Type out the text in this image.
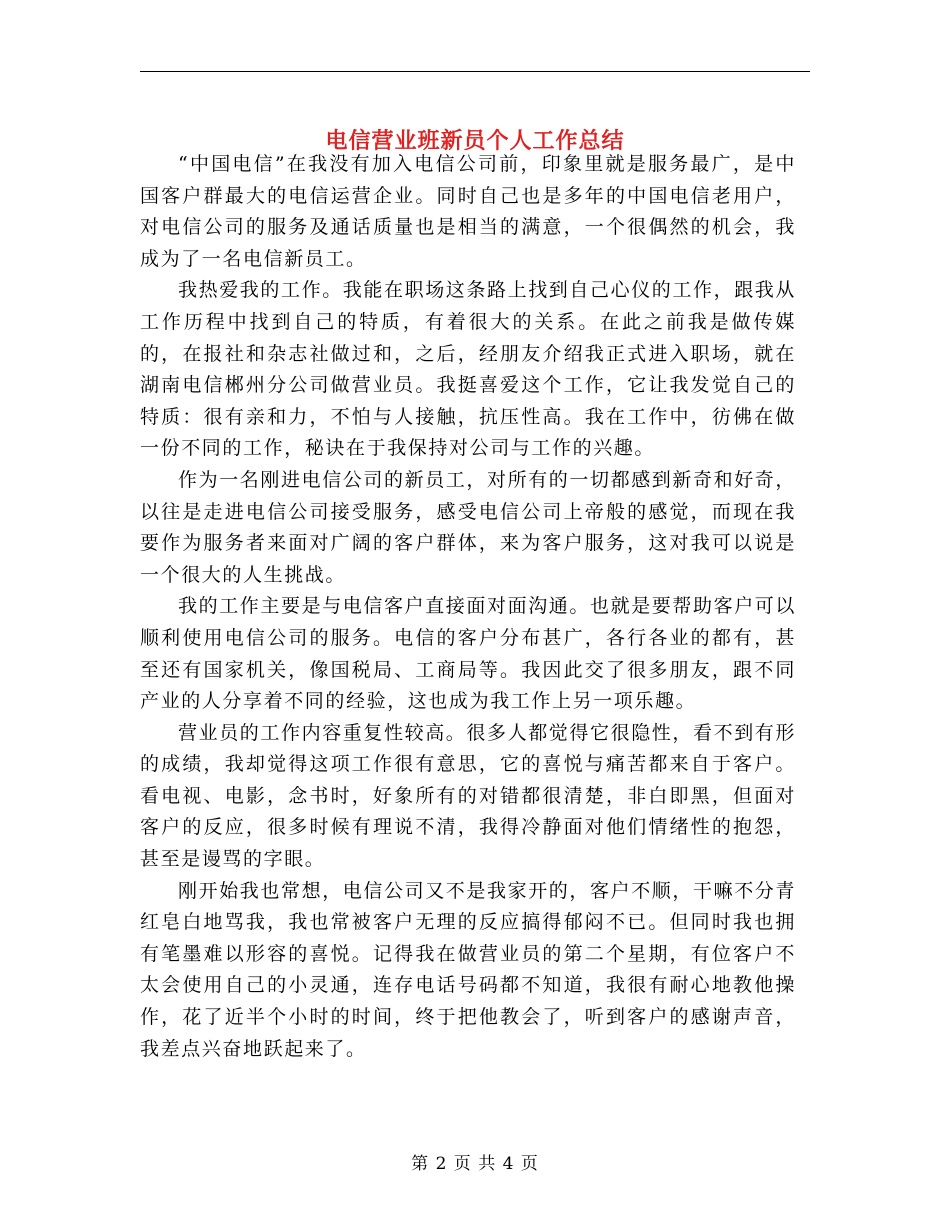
电信营业班新员个人工作总结

“中国电信”在我没有加入电信公司前，印象里就是服务最广，是中国客户群最大的电信运营企业。同时自己也是多年的中国电信老用户，对电信公司的服务及通话质量也是相当的满意，一个很偶然的机会，我成为了一名电信新员工。

我热爱我的工作。我能在职场这条路上找到自己心仪的工作，跟我从工作历程中找到自己的特质，有着很大的关系。在此之前我是做传媒的，在报社和杂志社做过和，之后，经朋友介绍我正式进入职场，就在湖南电信郴州分公司做营业员。我挺喜爱这个工作，它让我发觉自己的特质：很有亲和力，不怕与人接触，抗压性高。我在工作中，彷佛在做一份不同的工作，秘诀在于我保持对公司与工作的兴趣。

作为一名刚进电信公司的新员工，对所有的一切都感到新奇和好奇，以往是走进电信公司接受服务，感受电信公司上帝般的感觉，而现在我要作为服务者来面对广阔的客户群体，来为客户服务，这对我可以说是一个很大的人生挑战。

我的工作主要是与电信客户直接面对面沟通。也就是要帮助客户可以顺利使用电信公司的服务。电信的客户分布甚广，各行各业的都有，甚至还有国家机关，像国税局、工商局等。我因此交了很多朋友，跟不同产业的人分享着不同的经验，这也成为我工作上另一项乐趣。

营业员的工作内容重复性较高。很多人都觉得它很隐性，看不到有形的成绩，我却觉得这项工作很有意思，它的喜悦与痛苦都来自于客户。看电视、电影，念书时，好象所有的对错都很清楚，非白即黑，但面对客户的反应，很多时候有理说不清，我得冷静面对他们情绪性的抱怨，甚至是谩骂的字眼。

刚开始我也常想，电信公司又不是我家开的，客户不顺，干嘛不分青红皂白地骂我，我也常被客户无理的反应搞得郁闷不已。但同时我也拥有笔墨难以形容的喜悦。记得我在做营业员的第二个星期，有位客户不太会使用自己的小灵通，连存电话号码都不知道，我很有耐心地教他操作，花了近半个小时的时间，终于把他教会了，听到客户的感谢声音，我差点兴奋地跃起来了。

第 2 页 共 4 页
